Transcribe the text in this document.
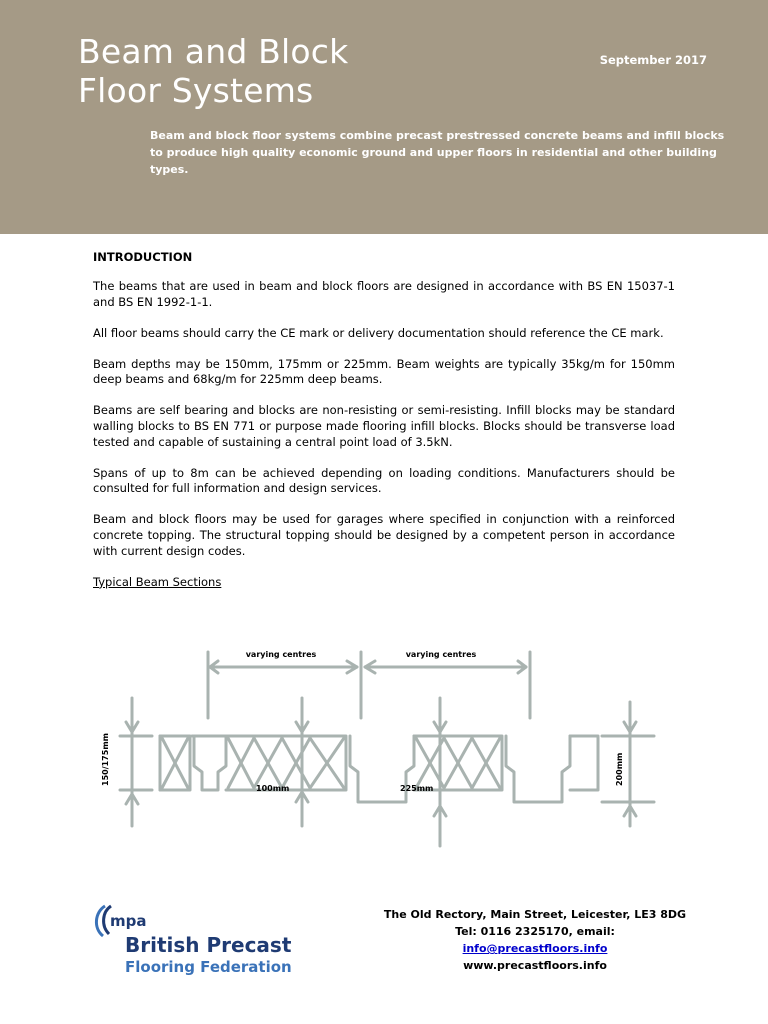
Beam and Block
Floor Systems
September 2017

Beam and block floor systems combine precast prestressed concrete beams and infill blocks to produce high quality economic ground and upper floors in residential and other building types.

INTRODUCTION

The beams that are used in beam and block floors are designed in accordance with BS EN 15037-1 and BS EN 1992-1-1.

All floor beams should carry the CE mark or delivery documentation should reference the CE mark.

Beam depths may be 150mm, 175mm or 225mm. Beam weights are typically 35kg/m for 150mm deep beams and 68kg/m for 225mm deep beams.

Beams are self bearing and blocks are non-resisting or semi-resisting. Infill blocks may be standard walling blocks to BS EN 771 or purpose made flooring infill blocks. Blocks should be transverse load tested and capable of sustaining a central point load of 3.5kN.

Spans of up to 8m can be achieved depending on loading conditions. Manufacturers should be consulted for full information and design services.

Beam and block floors may be used for garages where specified in conjunction with a reinforced concrete topping. The structural topping should be designed by a competent person in accordance with current design codes.

Typical Beam Sections

varying centres	varying centres
150/175mm
100mm	225mm
200mm
mpa
British Precast
Flooring Federation
The Old Rectory, Main Street, Leicester, LE3 8DG
Tel: 0116 2325170, email:
info@precastfloors.info
www.precastfloors.info
